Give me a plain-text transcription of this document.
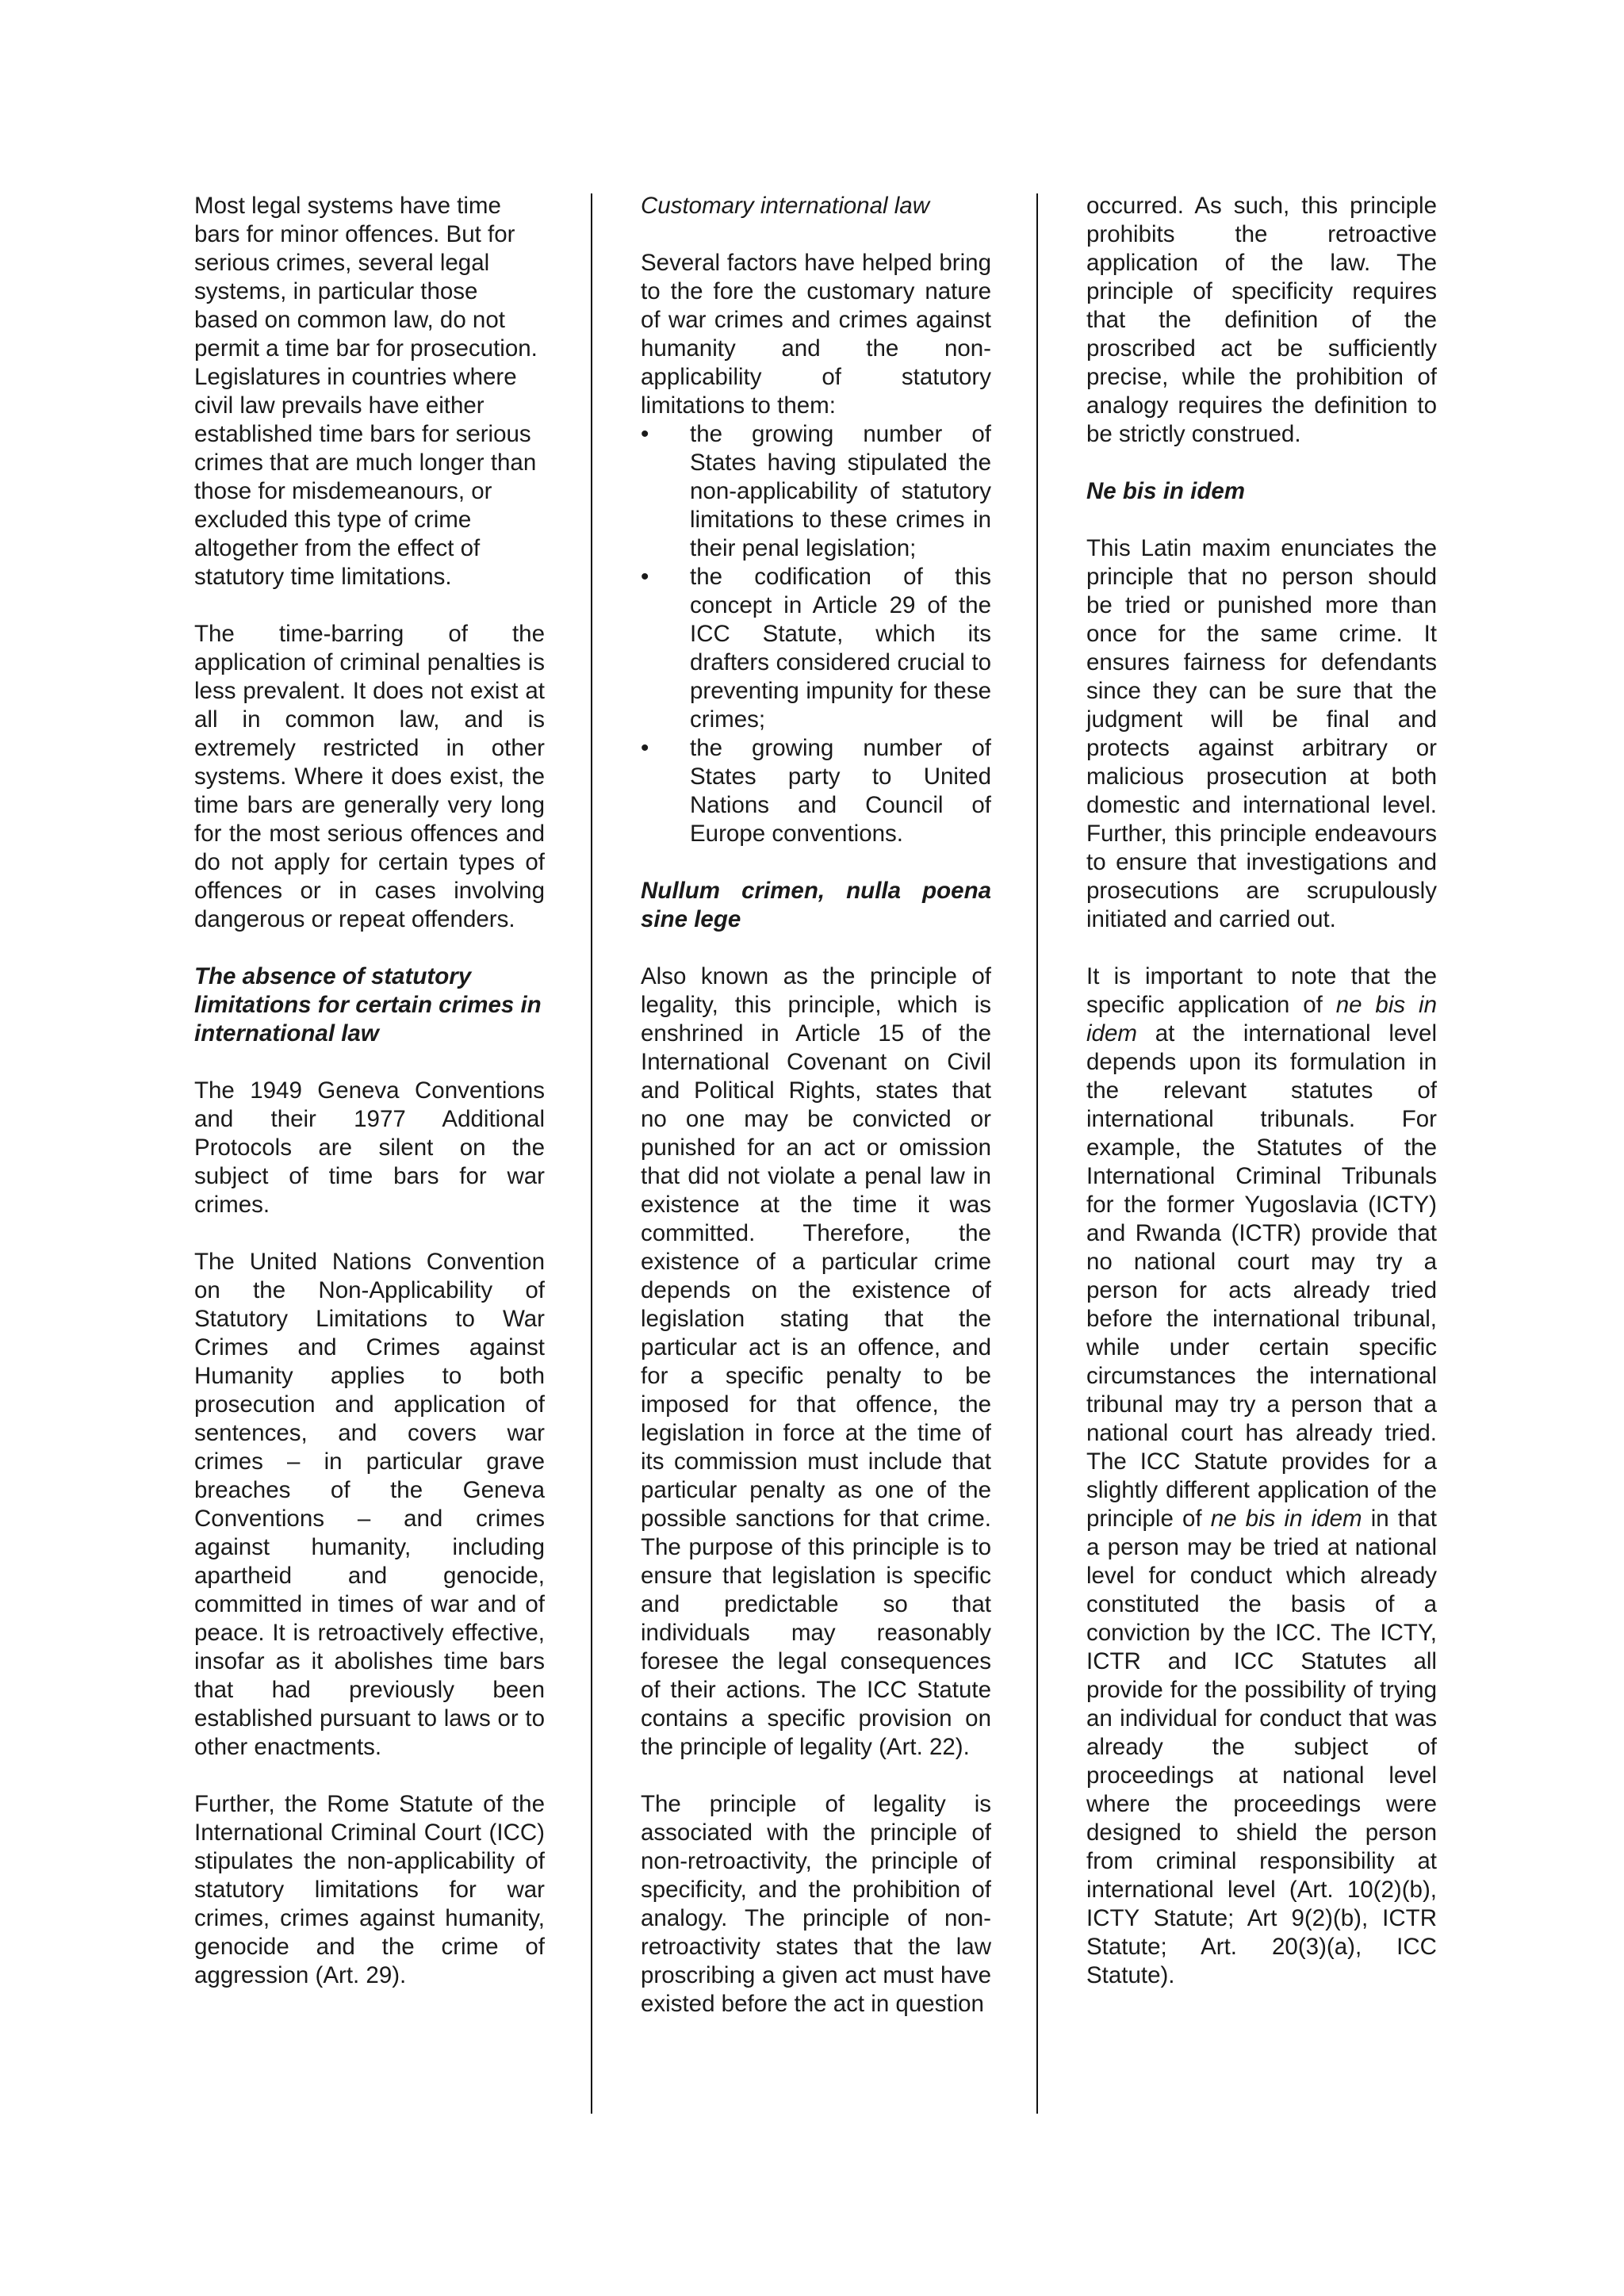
Most legal systems have time bars for minor offences. But for serious crimes, several legal systems, in particular those based on common law, do not permit a time bar for prosecution. Legislatures in countries where civil law prevails have either established time bars for serious crimes that are much longer than those for misdemeanours, or excluded this type of crime altogether from the effect of statutory time limitations.

The time-barring of the application of criminal penalties is less prevalent. It does not exist at all in common law, and is extremely restricted in other systems. Where it does exist, the time bars are generally very long for the most serious offences and do not apply for certain types of offences or in cases involving dangerous or repeat offenders.

The absence of statutory limitations for certain crimes in international law

The 1949 Geneva Conventions and their 1977 Additional Protocols are silent on the subject of time bars for war crimes.

The United Nations Convention on the Non-Applicability of Statutory Limitations to War Crimes and Crimes against Humanity applies to both prosecution and application of sentences, and covers war crimes – in particular grave breaches of the Geneva Conventions – and crimes against humanity, including apartheid and genocide, committed in times of war and of peace. It is retroactively effective, insofar as it abolishes time bars that had previously been established pursuant to laws or to other enactments.

Further, the Rome Statute of the International Criminal Court (ICC) stipulates the non-applicability of statutory limitations for war crimes, crimes against humanity, genocide and the crime of aggression (Art. 29).

Customary international law

Several factors have helped bring to the fore the customary nature of war crimes and crimes against humanity and the non-applicability of statutory limitations to them:

• the growing number of States having stipulated the non-applicability of statutory limitations to these crimes in their penal legislation;
• the codification of this concept in Article 29 of the ICC Statute, which its drafters considered crucial to preventing impunity for these crimes;
• the growing number of States party to United Nations and Council of Europe conventions.
Nullum crimen, nulla poena sine lege

Also known as the principle of legality, this principle, which is enshrined in Article 15 of the International Covenant on Civil and Political Rights, states that no one may be convicted or punished for an act or omission that did not violate a penal law in existence at the time it was committed. Therefore, the existence of a particular crime depends on the existence of legislation stating that the particular act is an offence, and for a specific penalty to be imposed for that offence, the legislation in force at the time of its commission must include that particular penalty as one of the possible sanctions for that crime. The purpose of this principle is to ensure that legislation is specific and predictable so that individuals may reasonably foresee the legal consequences of their actions. The ICC Statute contains a specific provision on the principle of legality (Art. 22).

The principle of legality is associated with the principle of non-retroactivity, the principle of specificity, and the prohibition of analogy. The principle of non-retroactivity states that the law proscribing a given act must have existed before the act in question

occurred. As such, this principle prohibits the retroactive application of the law. The principle of specificity requires that the definition of the proscribed act be sufficiently precise, while the prohibition of analogy requires the definition to be strictly construed.

Ne bis in idem

This Latin maxim enunciates the principle that no person should be tried or punished more than once for the same crime. It ensures fairness for defendants since they can be sure that the judgment will be final and protects against arbitrary or malicious prosecution at both domestic and international level. Further, this principle endeavours to ensure that investigations and prosecutions are scrupulously initiated and carried out.

It is important to note that the specific application of ne bis in idem at the international level depends upon its formulation in the relevant statutes of international tribunals. For example, the Statutes of the International Criminal Tribunals for the former Yugoslavia (ICTY) and Rwanda (ICTR) provide that no national court may try a person for acts already tried before the international tribunal, while under certain specific circumstances the international tribunal may try a person that a national court has already tried. The ICC Statute provides for a slightly different application of the principle of ne bis in idem in that a person may be tried at national level for conduct which already constituted the basis of a conviction by the ICC. The ICTY, ICTR and ICC Statutes all provide for the possibility of trying an individual for conduct that was already the subject of proceedings at national level where the proceedings were designed to shield the person from criminal responsibility at international level (Art. 10(2)(b), ICTY Statute; Art 9(2)(b), ICTR Statute; Art. 20(3)(a), ICC Statute).
